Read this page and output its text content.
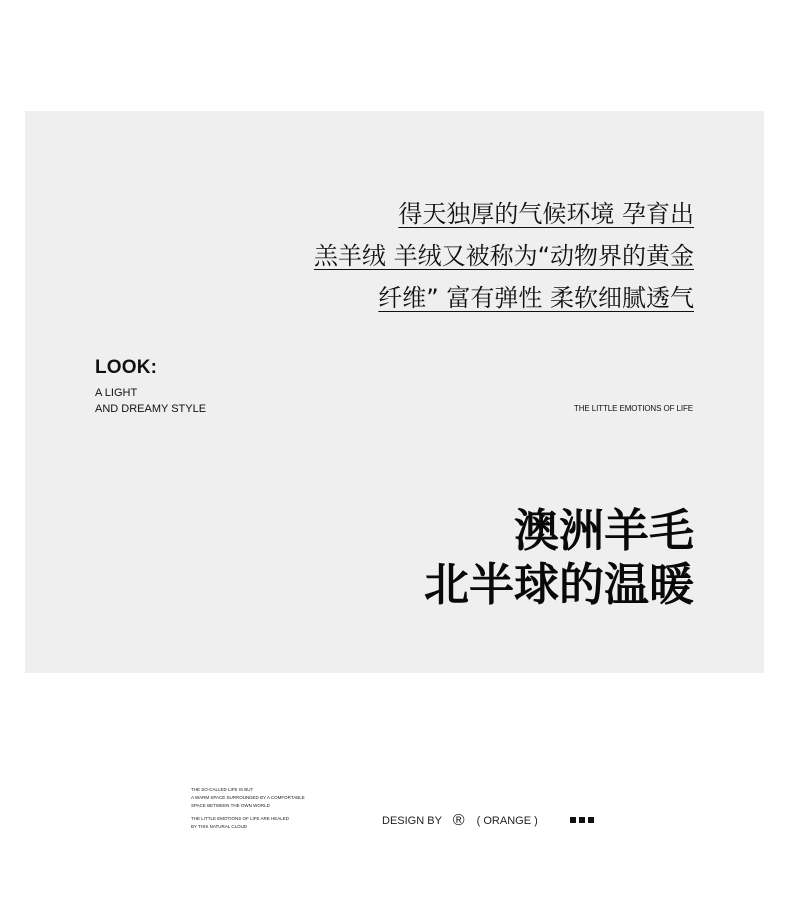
得天独厚的气候环境 孕育出
羔羊绒 羊绒又被称为“动物界的黄金
纤维” 富有弹性 柔软细腻透气
LOOK:
A LIGHT
AND DREAMY STYLE	THE LITTLE EMOTIONS OF LIFE
澳洲羊毛
北半球的温暖
THE SO-CALLED LIFE IS BUT
A WARM SPACE SURROUNDED BY A COMFORTABLE
SPACE BETWEEN THE OWN WORLD
THE LITTLE EMOTIONS OF LIFE ARE HEALED
BY THIS NATURAL CLOUD	DESIGN BY ® ( ORANGE )
